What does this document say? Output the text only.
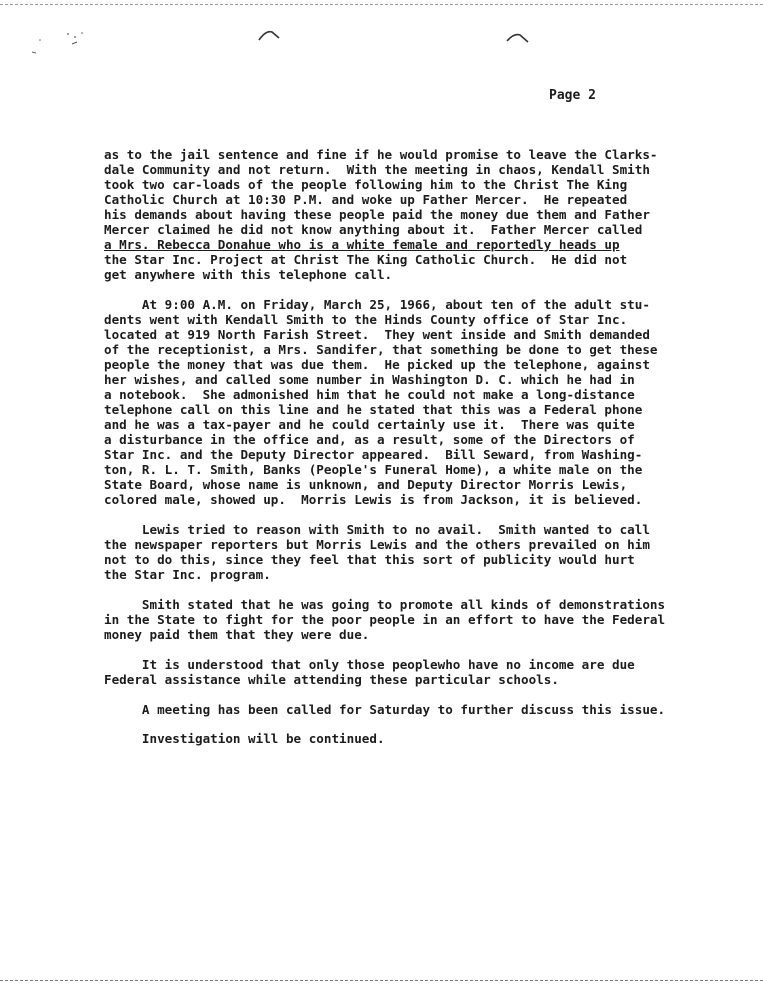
Page 2
as to the jail sentence and fine if he would promise to leave the Clarks-
dale Community and not return.  With the meeting in chaos, Kendall Smith
took two car-loads of the people following him to the Christ The King
Catholic Church at 10:30 P.M. and woke up Father Mercer.  He repeated
his demands about having these people paid the money due them and Father
Mercer claimed he did not know anything about it.  Father Mercer called
a Mrs. Rebecca Donahue who is a white female and reportedly heads up
the Star Inc. Project at Christ The King Catholic Church.  He did not
get anywhere with this telephone call.
At 9:00 A.M. on Friday, March 25, 1966, about ten of the adult stu-
dents went with Kendall Smith to the Hinds County office of Star Inc.
located at 919 North Farish Street.  They went inside and Smith demanded
of the receptionist, a Mrs. Sandifer, that something be done to get these
people the money that was due them.  He picked up the telephone, against
her wishes, and called some number in Washington D. C. which he had in
a notebook.  She admonished him that he could not make a long-distance
telephone call on this line and he stated that this was a Federal phone
and he was a tax-payer and he could certainly use it.  There was quite
a disturbance in the office and, as a result, some of the Directors of
Star Inc. and the Deputy Director appeared.  Bill Seward, from Washing-
ton, R. L. T. Smith, Banks (People's Funeral Home), a white male on the
State Board, whose name is unknown, and Deputy Director Morris Lewis,
colored male, showed up.  Morris Lewis is from Jackson, it is believed.
Lewis tried to reason with Smith to no avail.  Smith wanted to call
the newspaper reporters but Morris Lewis and the others prevailed on him
not to do this, since they feel that this sort of publicity would hurt
the Star Inc. program.
Smith stated that he was going to promote all kinds of demonstrations
in the State to fight for the poor people in an effort to have the Federal
money paid them that they were due.
It is understood that only those peoplewho have no income are due
Federal assistance while attending these particular schools.
A meeting has been called for Saturday to further discuss this issue.
Investigation will be continued.
